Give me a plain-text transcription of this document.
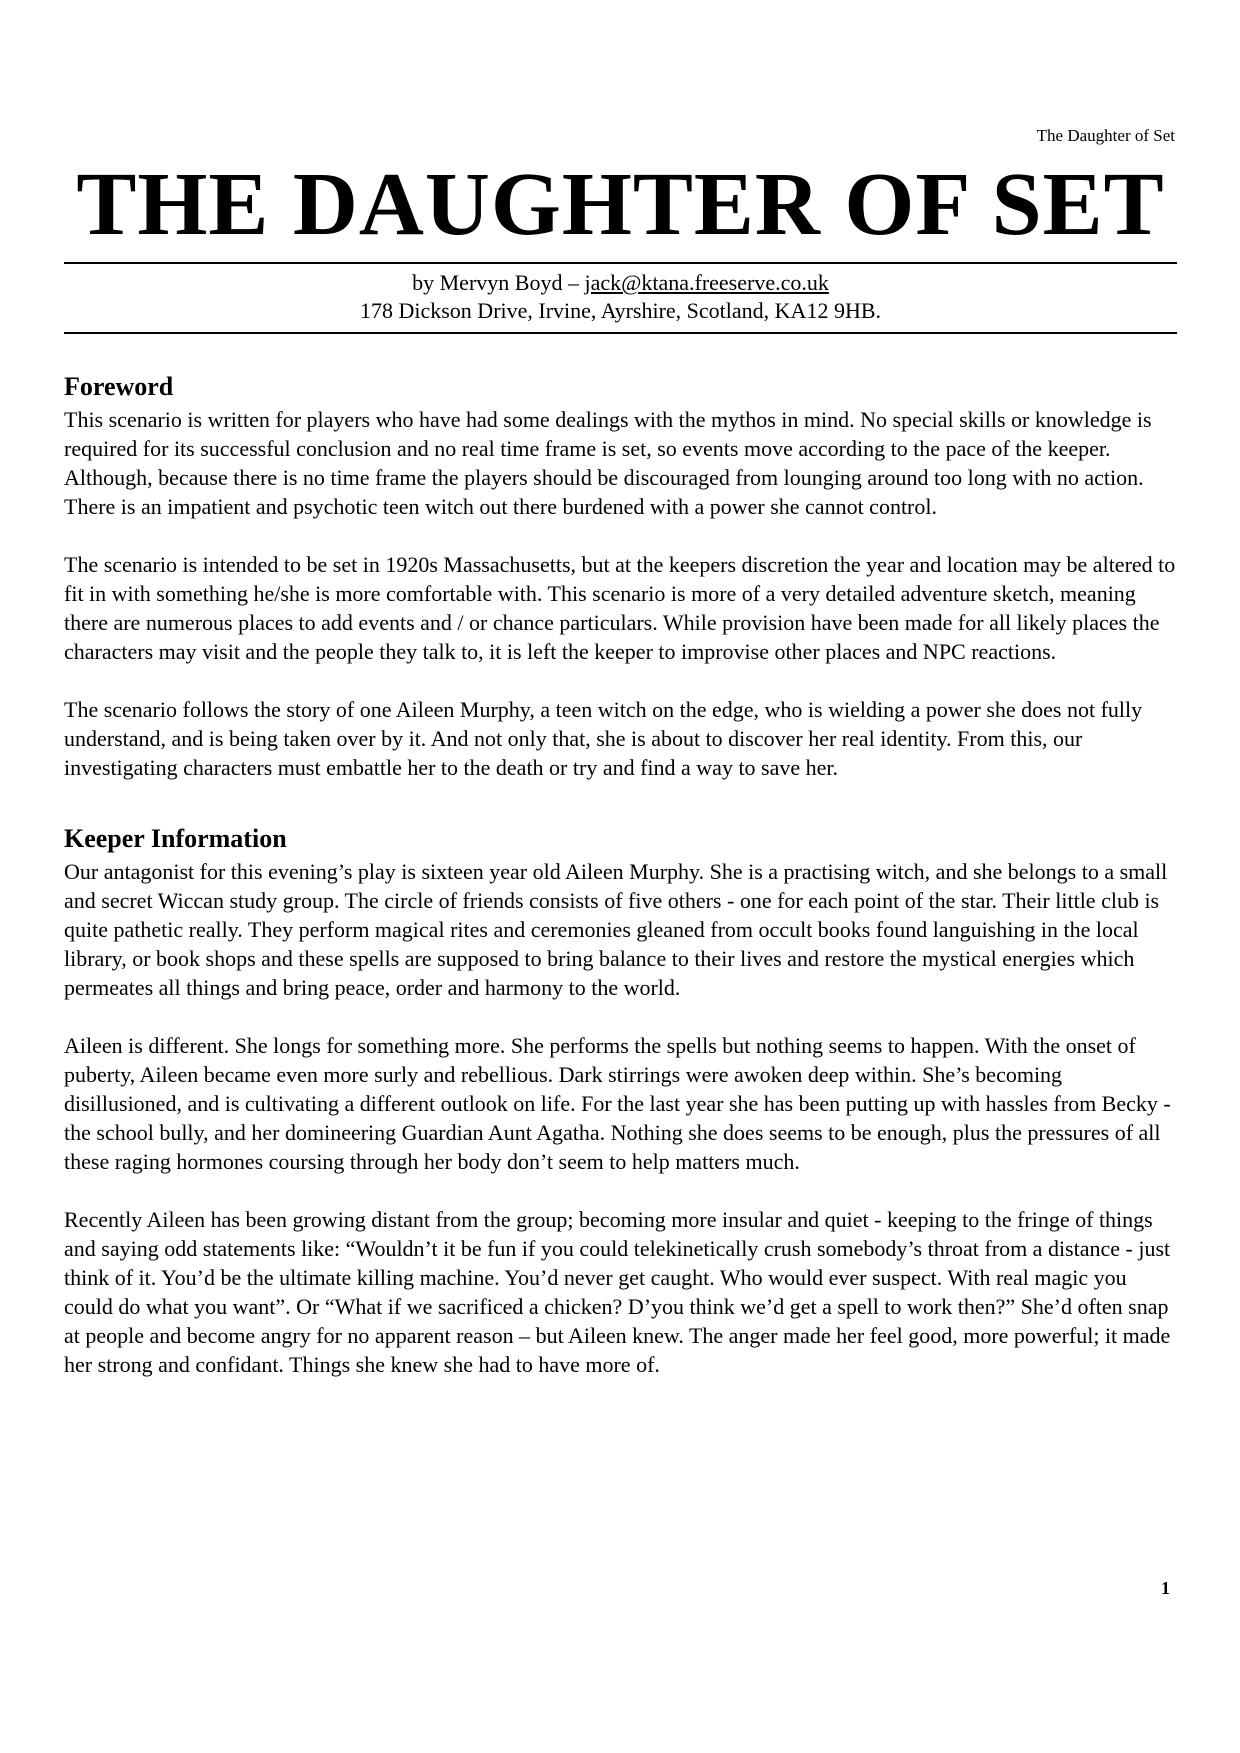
The Daughter of Set
THE DAUGHTER OF SET
by Mervyn Boyd – jack@ktana.freeserve.co.uk
178 Dickson Drive, Irvine, Ayrshire, Scotland, KA12 9HB.
Foreword

This scenario is written for players who have had some dealings with the mythos in mind. No special skills or knowledge is required for its successful conclusion and no real time frame is set, so events move according to the pace of the keeper. Although, because there is no time frame the players should be discouraged from lounging around too long with no action. There is an impatient and psychotic teen witch out there burdened with a power she cannot control.

The scenario is intended to be set in 1920s Massachusetts, but at the keepers discretion the year and location may be altered to fit in with something he/she is more comfortable with. This scenario is more of a very detailed adventure sketch, meaning there are numerous places to add events and / or chance particulars. While provision have been made for all likely places the characters may visit and the people they talk to, it is left the keeper to improvise other places and NPC reactions.

The scenario follows the story of one Aileen Murphy, a teen witch on the edge, who is wielding a power she does not fully understand, and is being taken over by it. And not only that, she is about to discover her real identity. From this, our investigating characters must embattle her to the death or try and find a way to save her.

Keeper Information

Our antagonist for this evening’s play is sixteen year old Aileen Murphy. She is a practising witch, and she belongs to a small and secret Wiccan study group. The circle of friends consists of five others - one for each point of the star. Their little club is quite pathetic really. They perform magical rites and ceremonies gleaned from occult books found languishing in the local library, or book shops and these spells are supposed to bring balance to their lives and restore the mystical energies which permeates all things and bring peace, order and harmony to the world.

Aileen is different. She longs for something more. She performs the spells but nothing seems to happen. With the onset of puberty, Aileen became even more surly and rebellious. Dark stirrings were awoken deep within. She’s becoming disillusioned, and is cultivating a different outlook on life. For the last year she has been putting up with hassles from Becky - the school bully, and her domineering Guardian Aunt Agatha. Nothing she does seems to be enough, plus the pressures of all these raging hormones coursing through her body don’t seem to help matters much.

Recently Aileen has been growing distant from the group; becoming more insular and quiet - keeping to the fringe of things and saying odd statements like: “Wouldn’t it be fun if you could telekinetically crush somebody’s throat from a distance - just think of it. You’d be the ultimate killing machine. You’d never get caught. Who would ever suspect. With real magic you could do what you want”. Or “What if we sacrificed a chicken? D’you think we’d get a spell to work then?” She’d often snap at people and become angry for no apparent reason – but Aileen knew. The anger made her feel good, more powerful; it made her strong and confidant. Things she knew she had to have more of.

1
